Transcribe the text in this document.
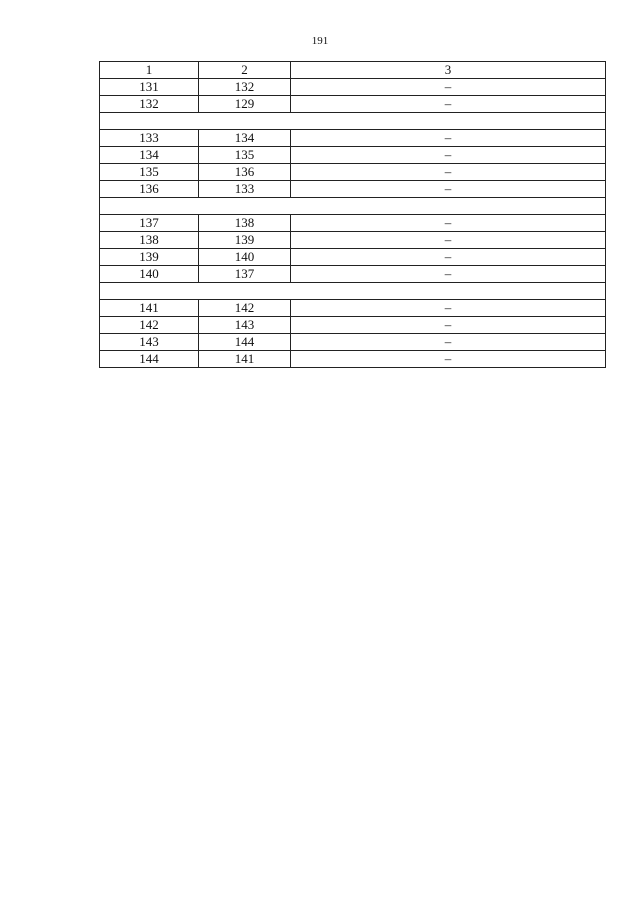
191
1	2	3
131	132	–
132	129	–

133	134	–
134	135	–
135	136	–
136	133	–

137	138	–
138	139	–
139	140	–
140	137	–

141	142	–
142	143	–
143	144	–
144	141	–
